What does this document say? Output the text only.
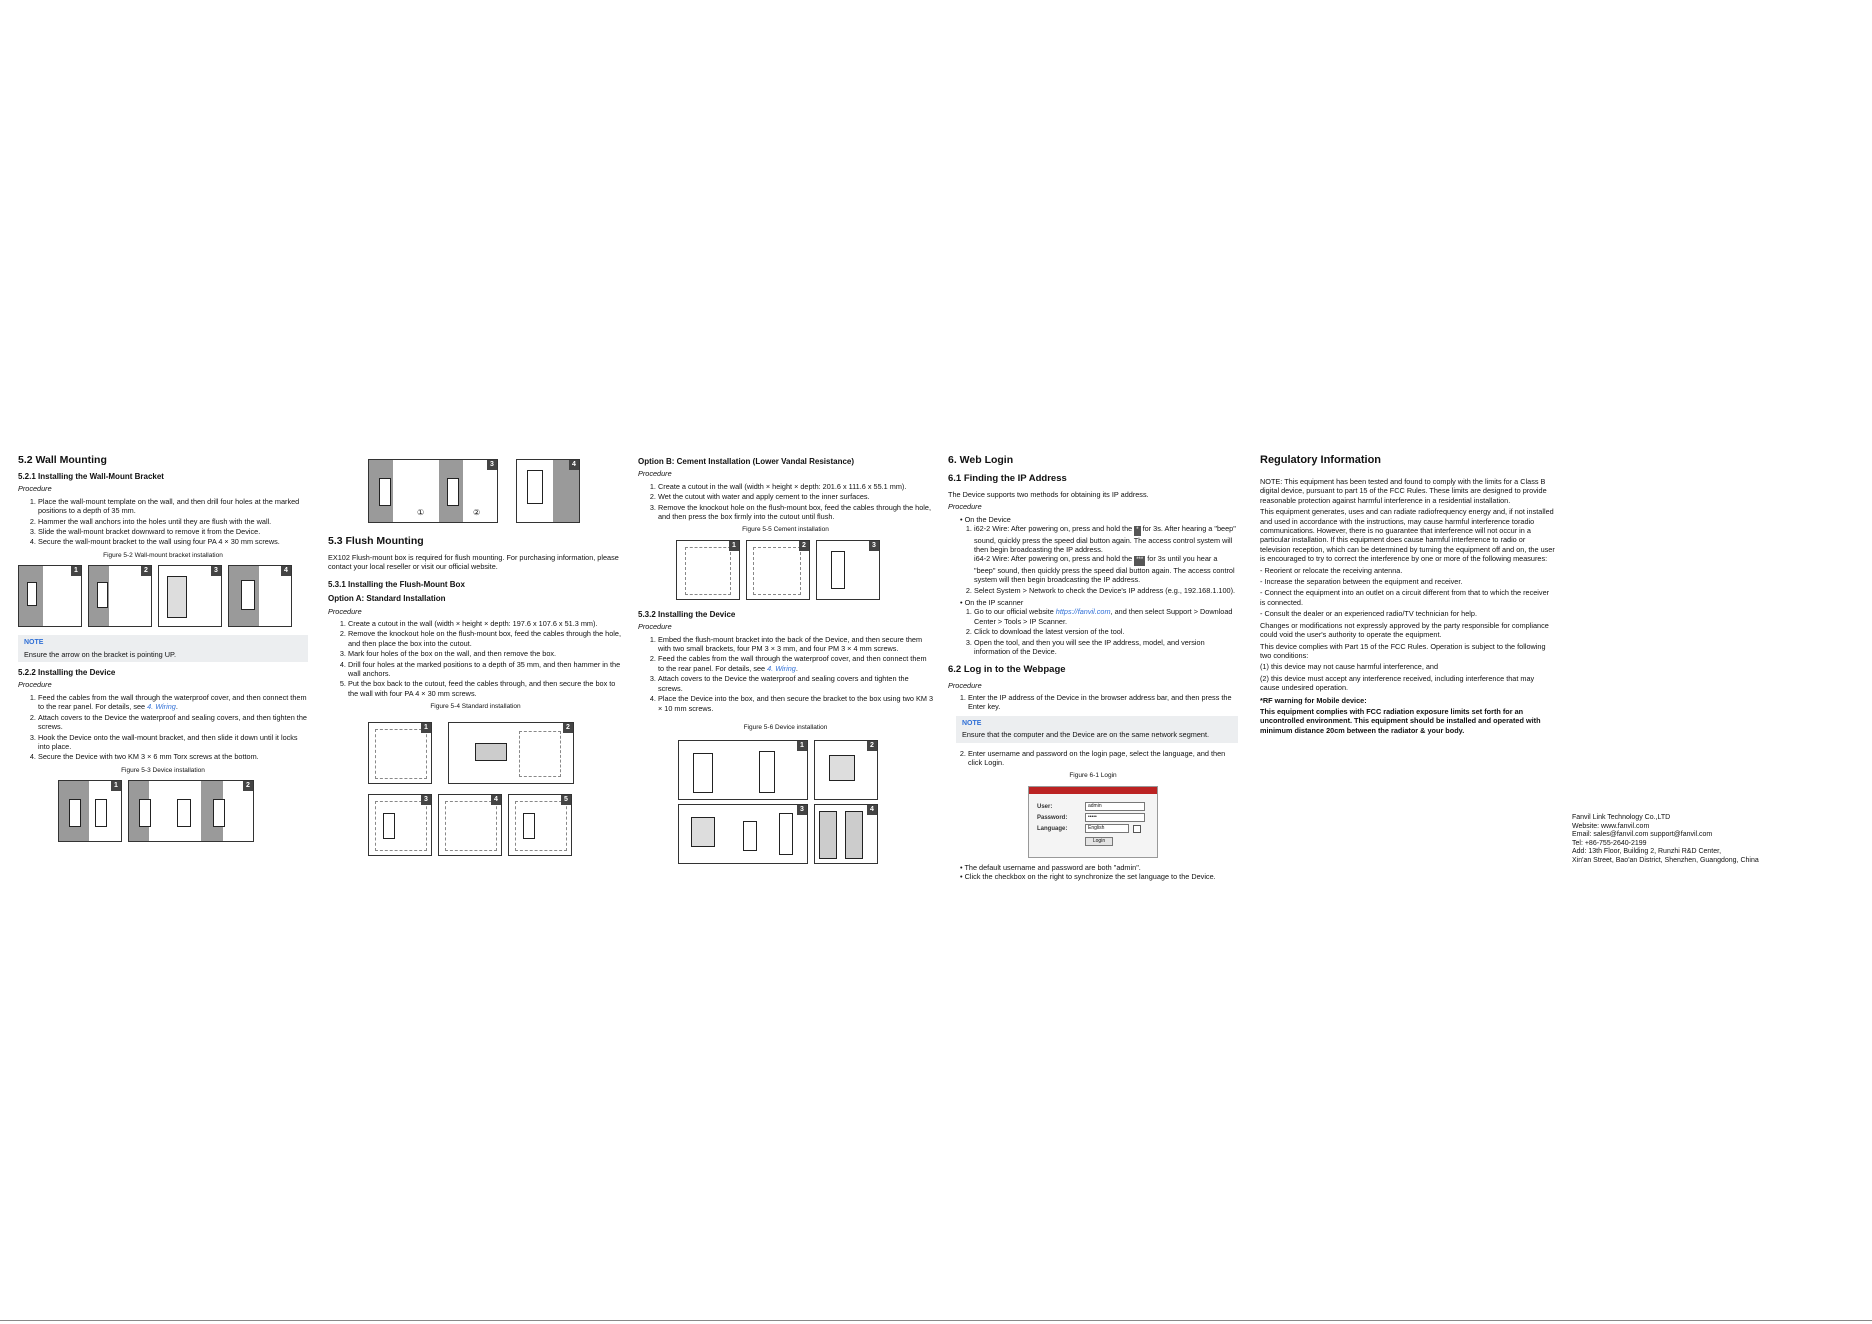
5.2 Wall Mounting
5.2.1 Installing the Wall-Mount Bracket
Procedure
1. Place the wall-mount template on the wall, and then drill four holes at the marked positions to a depth of 35 mm.
2. Hammer the wall anchors into the holes until they are flush with the wall.
3. Slide the wall-mount bracket downward to remove it from the Device.
4. Secure the wall-mount bracket to the wall using four PA 4 × 30 mm screws.
Figure 5-2 Wall-mount bracket installation
1	2	3	4
NOTE
Ensure the arrow on the bracket is pointing UP.
5.2.2 Installing the Device
Procedure
1. Feed the cables from the wall through the waterproof cover, and then connect them to the rear panel. For details, see 4. Wiring.
2. Attach covers to the Device the waterproof and sealing covers, and then tighten the screws.
3. Hook the Device onto the wall-mount bracket, and then slide it down until it locks into place.
4. Secure the Device with two KM 3 × 6 mm Torx screws at the bottom.
Figure 5-3 Device installation
1	2
①	②
3	4
5.3 Flush Mounting

EX102 Flush-mount box is required for flush mounting. For purchasing information, please contact your local reseller or visit our official website.

5.3.1 Installing the Flush-Mount Box
Option A: Standard Installation
Procedure
1. Create a cutout in the wall (width × height × depth: 197.6 x 107.6 x 51.3 mm).
2. Remove the knockout hole on the flush-mount box, feed the cables through the hole, and then place the box into the cutout.
3. Mark four holes of the box on the wall, and then remove the box.
4. Drill four holes at the marked positions to a depth of 35 mm, and then hammer in the wall anchors.
5. Put the box back to the cutout, feed the cables through, and then secure the box to the wall with four PA 4 × 30 mm screws.
Figure 5-4 Standard installation
1	2
3	4	5
Option B: Cement Installation (Lower Vandal Resistance)
Procedure
1. Create a cutout in the wall (width × height × depth: 201.6 x 111.6 x 55.1 mm).
2. Wet the cutout with water and apply cement to the inner surfaces.
3. Remove the knockout hole on the flush-mount box, feed the cables through the hole, and then press the box firmly into the cutout until flush.
Figure 5-5 Cement installation
1	2	3
5.3.2 Installing the Device
Procedure
1. Embed the flush-mount bracket into the back of the Device, and then secure them with two small brackets, four PM 3 × 3 mm, and four PM 3 × 4 mm screws.
2. Feed the cables from the wall through the waterproof cover, and then connect them to the rear panel. For details, see 4. Wiring.
3. Attach covers to the Device the waterproof and sealing covers and tighten the screws.
4. Place the Device into the box, and then secure the bracket to the box using two KM 3 × 10 mm screws.
Figure 5-6 Device installation
1	2
3	4
6. Web Login
6.1 Finding the IP Address

The Device supports two methods for obtaining its IP address.

Procedure
• On the Device
1. i62-2 Wire: After powering on, press and hold the * for 3s. After hearing a "beep" sound, quickly press the speed dial button again. The access control system will then begin broadcasting the IP address.
i64-2 Wire: After powering on, press and hold the *** for 3s until you hear a "beep" sound, then quickly press the speed dial button again. The access control system will then begin broadcasting the IP address.
2. Select System > Network to check the Device's IP address (e.g., 192.168.1.100).
• On the IP scanner
1. Go to our official website https://fanvil.com, and then select Support > Download Center > Tools > IP Scanner.
2. Click to download the latest version of the tool.
3. Open the tool, and then you will see the IP address, model, and version information of the Device.
6.2 Log in to the Webpage
Procedure
1. Enter the IP address of the Device in the browser address bar, and then press the Enter key.
NOTE
Ensure that the computer and the Device are on the same network segment.
2. Enter username and password on the login page, select the language, and then click Login.
Figure 6-1 Login
User:	admin
Password:	•••••
Language:	English
Login
• The default username and password are both "admin".
• Click the checkbox on the right to synchronize the set language to the Device.
Regulatory Information

NOTE: This equipment has been tested and found to comply with the limits for a Class B digital device, pursuant to part 15 of the FCC Rules. These limits are designed to provide reasonable protection against harmful interference in a residential installation.

This equipment generates, uses and can radiate radiofrequency energy and, if not installed and used in accordance with the instructions, may cause harmful interference toradio communications. However, there is no guarantee that interference will not occur in a particular installation. If this equipment does cause harmful interference to radio or television reception, which can be determined by turning the equipment off and on, the user is encouraged to try to correct the interference by one or more of the following measures:

- Reorient or relocate the receiving antenna.

- Increase the separation between the equipment and receiver.

- Connect the equipment into an outlet on a circuit different from that to which the receiver is connected.

- Consult the dealer or an experienced radio/TV technician for help.

Changes or modifications not expressly approved by the party responsible for compliance could void the user's authority to operate the equipment.

This device complies with Part 15 of the FCC Rules. Operation is subject to the following two conditions:

(1) this device may not cause harmful interference, and

(2) this device must accept any interference received, including interference that may cause undesired operation.

*RF warning for Mobile device:

This equipment complies with FCC radiation exposure limits set forth for an uncontrolled environment. This equipment should be installed and operated with minimum distance 20cm between the radiator & your body.

Fanvil Link Technology Co.,LTD
Website: www.fanvil.com
Email: sales@fanvil.com support@fanvil.com
Tel: +86-755-2640-2199
Add: 13th Floor, Building 2, Runzhi R&D Center,
Xin'an Street, Bao'an District, Shenzhen, Guangdong, China
